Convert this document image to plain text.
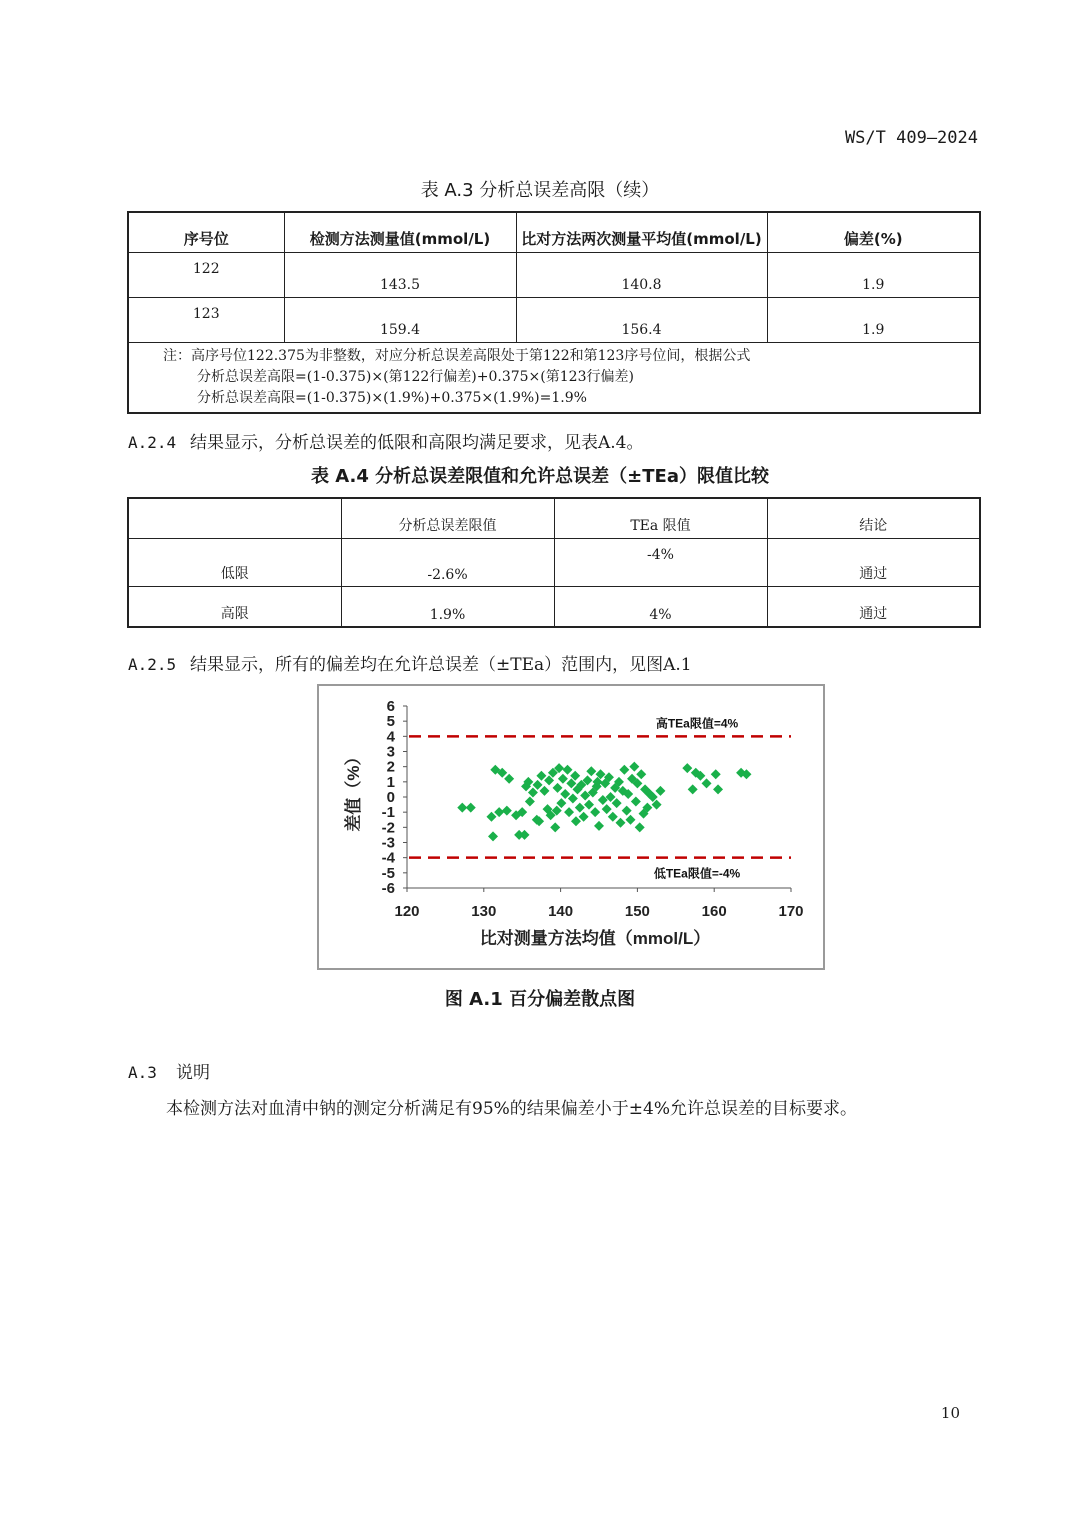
WS/T 409—2024
表 A.3 分析总误差高限（续）
序号位	检测方法测量值(mmol/L)	比对方法两次测量平均值(mmol/L)	偏差(%)
122	143.5	140.8	1.9
123	159.4	156.4	1.9

注：高序号位122.375为非整数，对应分析总误差高限处于第122和第123序号位间，根据公式
分析总误差高限=(1-0.375)×(第122行偏差)+0.375×(第123行偏差)
分析总误差高限=(1-0.375)×(1.9%)+0.375×(1.9%)=1.9%			
A.2.4 结果显示，分析总误差的低限和高限均满足要求，见表A.4。
表 A.4 分析总误差限值和允许总误差（±TEa）限值比较
	分析总误差限值	TEa 限值	结论
低限	-2.6%	-4%	通过
高限	1.9%	4%	通过
A.2.5 结果显示，所有的偏差均在允许总误差（±TEa）范围内，见图A.1
高TEa限值=4%
低TEa限值=-4%
6
5
4
3
2
1
0
-1
-2
-3
-4
-5
-6
120	130	140	150	160	170
差值（%）
比对测量方法均值（mmol/L）
图 A.1 百分偏差散点图
A.3 说明
本检测方法对血清中钠的测定分析满足有95%的结果偏差小于±4%允许总误差的目标要求。
10
